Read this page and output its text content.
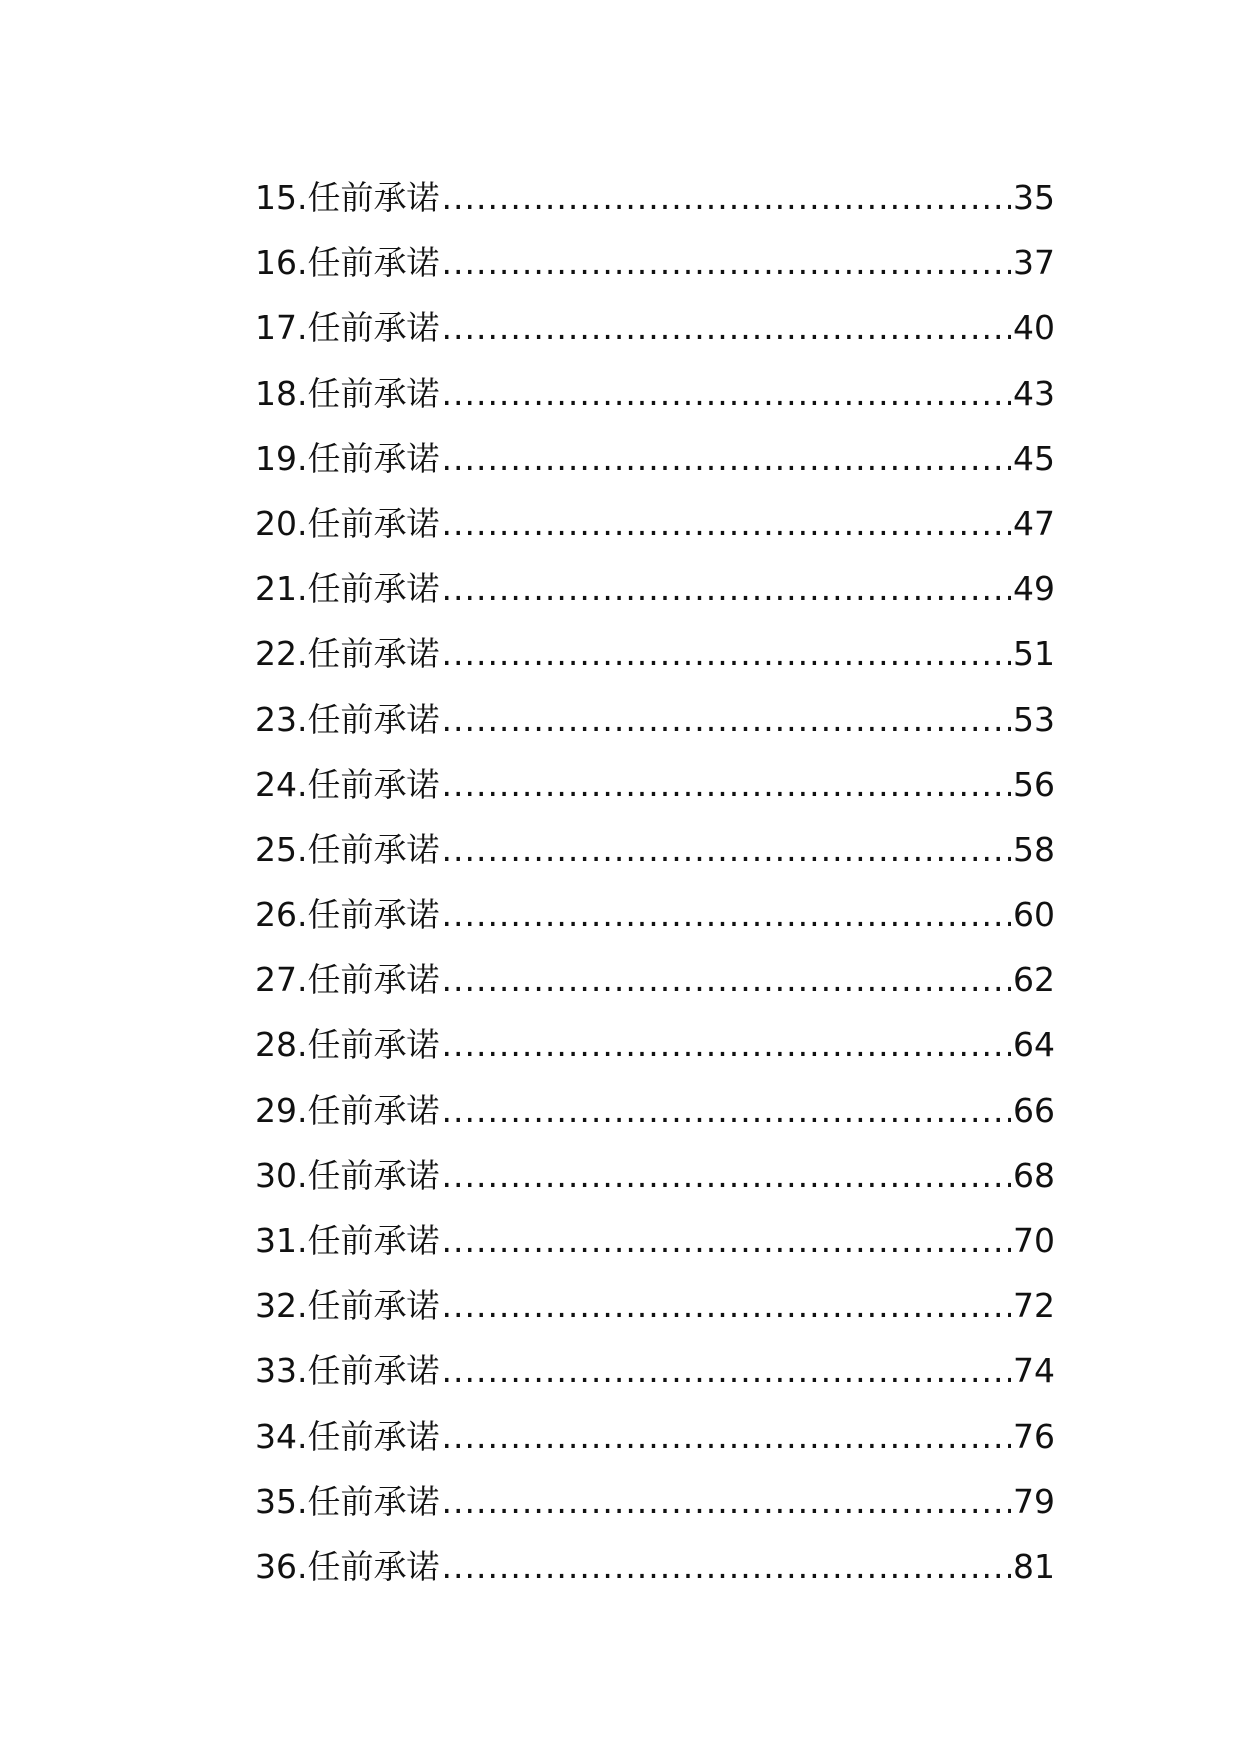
15.任前承诺 .....	35
16.任前承诺 .....	37
17.任前承诺 .....	40
18.任前承诺 .....	43
19.任前承诺 .....	45
20.任前承诺 .....	47
21.任前承诺 .....	49
22.任前承诺 .....	51
23.任前承诺 .....	53
24.任前承诺 .....	56
25.任前承诺 .....	58
26.任前承诺 .....	60
27.任前承诺 .....	62
28.任前承诺 .....	64
29.任前承诺 .....	66
30.任前承诺 .....	68
31.任前承诺 .....	70
32.任前承诺 .....	72
33.任前承诺 .....	74
34.任前承诺 .....	76
35.任前承诺 .....	79
36.任前承诺 .....	81
